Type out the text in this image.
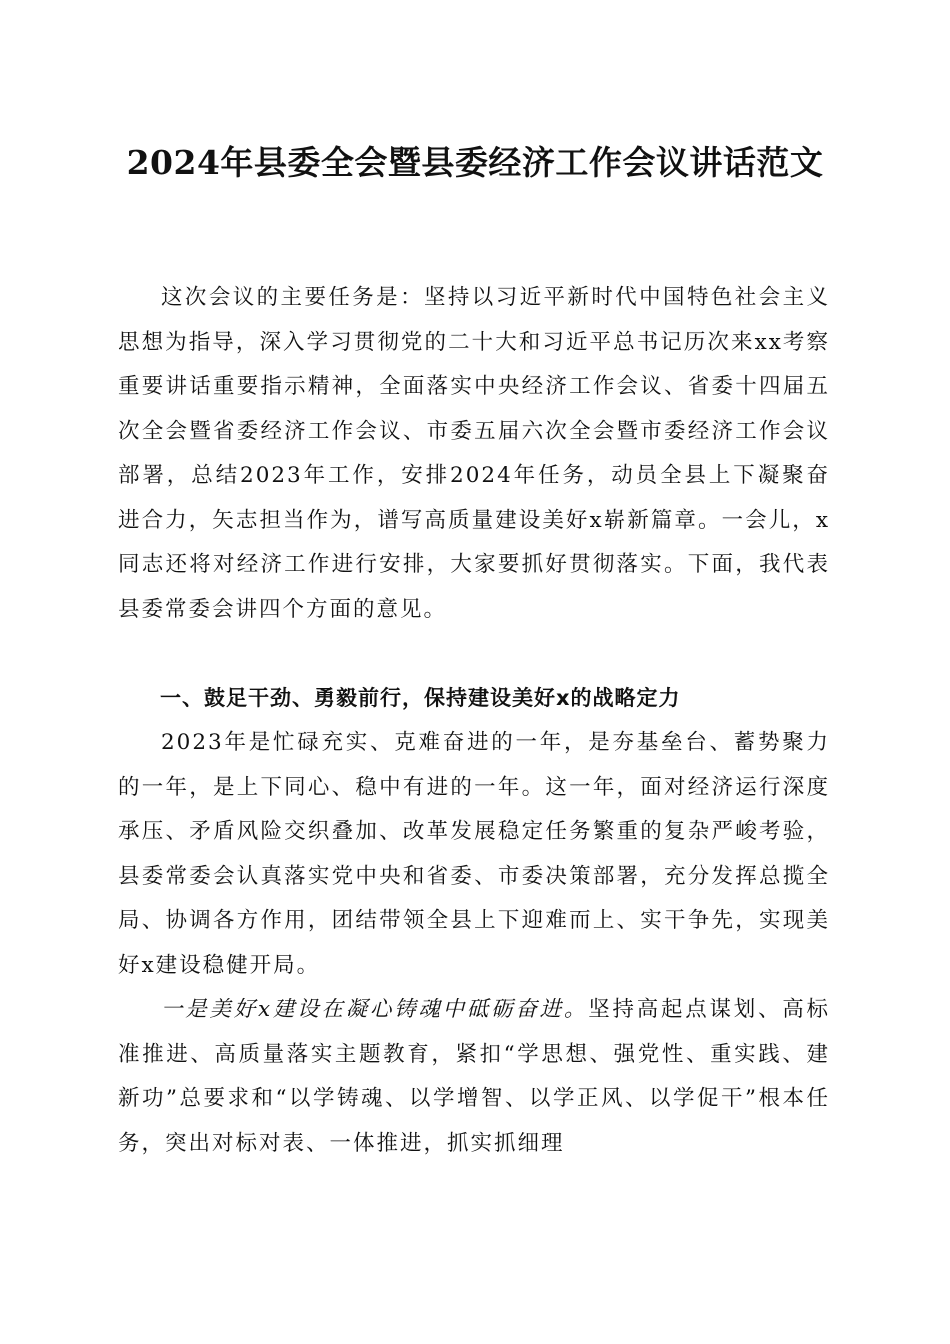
2024年县委全会暨县委经济工作会议讲话范文

这次会议的主要任务是：坚持以习近平新时代中国特色社会主义思想为指导，深入学习贯彻党的二十大和习近平总书记历次来xx考察重要讲话重要指示精神，全面落实中央经济工作会议、省委十四届五次全会暨省委经济工作会议、市委五届六次全会暨市委经济工作会议部署，总结2023年工作，安排2024年任务，动员全县上下凝聚奋进合力，矢志担当作为，谱写高质量建设美好x崭新篇章。一会儿，x同志还将对经济工作进行安排，大家要抓好贯彻落实。下面，我代表县委常委会讲四个方面的意见。

一、鼓足干劲、勇毅前行，保持建设美好x的战略定力

2023年是忙碌充实、克难奋进的一年，是夯基垒台、蓄势聚力的一年，是上下同心、稳中有进的一年。这一年，面对经济运行深度承压、矛盾风险交织叠加、改革发展稳定任务繁重的复杂严峻考验，县委常委会认真落实党中央和省委、市委决策部署，充分发挥总揽全局、协调各方作用，团结带领全县上下迎难而上、实干争先，实现美好x建设稳健开局。

一是美好x建设在凝心铸魂中砥砺奋进。坚持高起点谋划、高标准推进、高质量落实主题教育，紧扣“学思想、强党性、重实践、建新功”总要求和“以学铸魂、以学增智、以学正风、以学促干”根本任务，突出对标对表、一体推进，抓实抓细理
